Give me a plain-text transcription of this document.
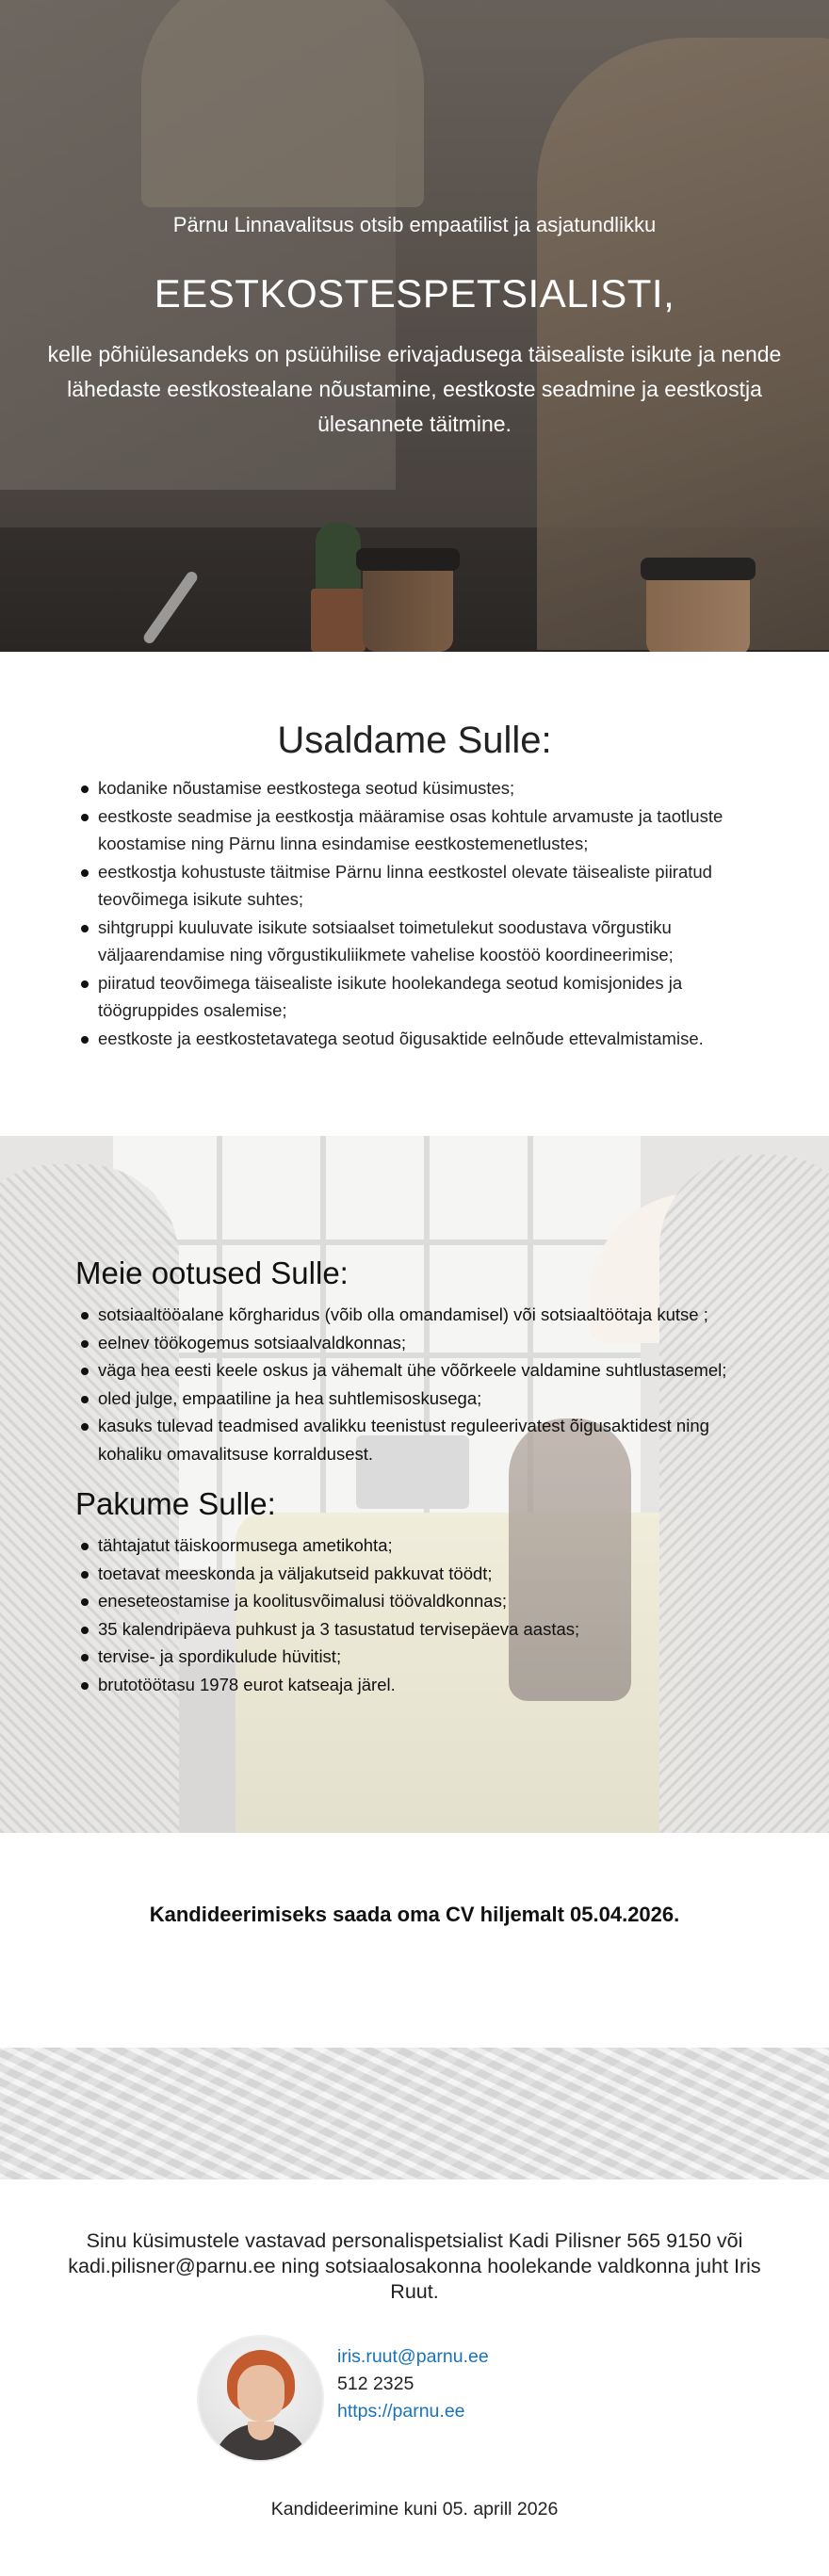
Pärnu Linnavalitsus otsib empaatilist ja asjatundlikku

EESTKOSTESPETSIALISTI,

kelle põhiülesandeks on psüühilise erivajadusega täisealiste isikute ja nende lähedaste eestkostealane nõustamine, eestkoste seadmine ja eestkostja ülesannete täitmine.

Usaldame Sulle:
kodanike nõustamise eestkostega seotud küsimustes;
eestkoste seadmise ja eestkostja määramise osas kohtule arvamuste ja taotluste koostamise ning Pärnu linna esindamise eestkostemenetlustes;
eestkostja kohustuste täitmise Pärnu linna eestkostel olevate täisealiste piiratud teovõimega isikute suhtes;
sihtgruppi kuuluvate isikute sotsiaalset toimetulekut soodustava võrgustiku väljaarendamise ning võrgustikuliikmete vahelise koostöö koordineerimise;
piiratud teovõimega täisealiste isikute hoolekandega seotud komisjonides ja töögruppides osalemise;
eestkoste ja eestkostetavatega seotud õigusaktide eelnõude ettevalmistamise.
Meie ootused Sulle:
sotsiaaltööalane kõrgharidus (võib olla omandamisel) või sotsiaaltöötaja kutse ;
eelnev töökogemus sotsiaalvaldkonnas;
väga hea eesti keele oskus ja vähemalt ühe võõrkeele valdamine suhtlustasemel;
oled julge, empaatiline ja hea suhtlemisoskusega;
kasuks tulevad teadmised avalikku teenistust reguleerivatest õigusaktidest ning kohaliku omavalitsuse korraldusest.
Pakume Sulle:
tähtajatut täiskoormusega ametikohta;
toetavat meeskonda ja väljakutseid pakkuvat töödt;
eneseteostamise ja koolitusvõimalusi töövaldkonnas;
35 kalendripäeva puhkust ja 3 tasustatud tervisepäeva aastas;
tervise- ja spordikulude hüvitist;
brutotöötasu 1978 eurot katseaja järel.

Kandideerimiseks saada oma CV hiljemalt 05.04.2026.

Sinu küsimustele vastavad personalispetsialist Kadi Pilisner 565 9150 või kadi.pilisner@parnu.ee ning sotsiaalosakonna hoolekande valdkonna juht Iris Ruut.

iris.ruut@parnu.ee
512 2325
https://parnu.ee

Kandideerimine kuni 05. aprill 2026
